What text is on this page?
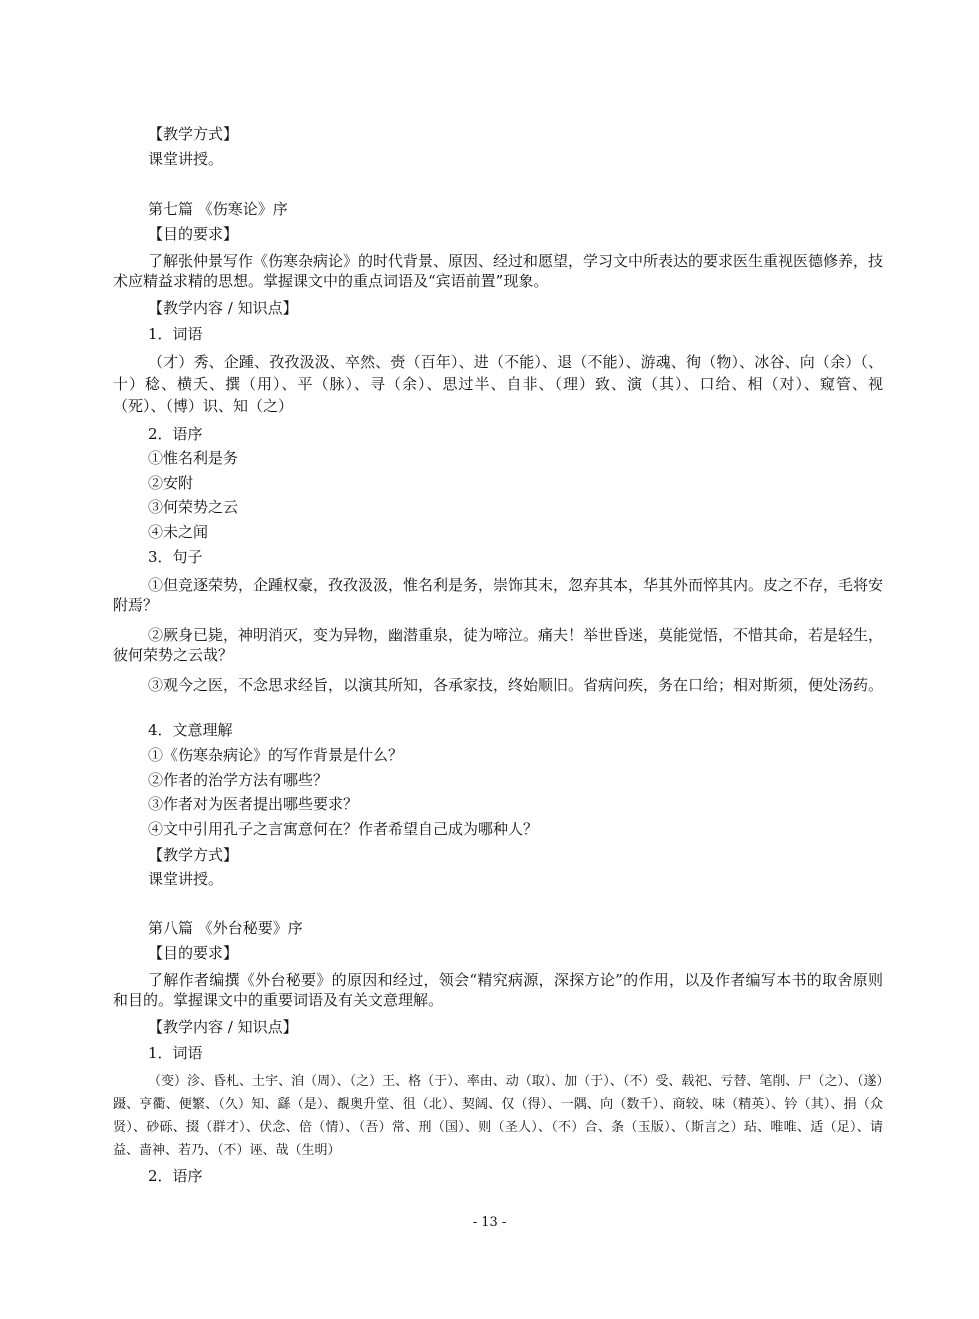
【教学方式】
课堂讲授。
第七篇 《伤寒论》序
【目的要求】
了解张仲景写作《伤寒杂病论》的时代背景、原因、经过和愿望，学习文中所表达的要求医生重视医德修养，技术应精益求精的思想。掌握课文中的重点词语及“宾语前置”现象。
【教学内容 / 知识点】
1．词语
（才）秀、企踵、孜孜汲汲、卒然、赍（百年）、进（不能）、退（不能）、游魂、徇（物）、冰谷、向（余）（、十）稔、横夭、撰（用）、平（脉）、寻（余）、思过半、自非、（理）致、演（其）、口给、相（对）、窥管、视（死）、（博）识、知（之）
2．语序
①惟名利是务
②安附
③何荣势之云
④未之闻
3．句子
①但竞逐荣势，企踵权豪，孜孜汲汲，惟名利是务，崇饰其末，忽弃其本，华其外而悴其内。皮之不存，毛将安附焉？
②厥身已毙，神明消灭，变为异物，幽潜重泉，徒为啼泣。痛夫！举世昏迷，莫能觉悟，不惜其命，若是轻生，彼何荣势之云哉？
③观今之医，不念思求经旨，以演其所知，各承家技，终始顺旧。省病问疾，务在口给；相对斯须，便处汤药。
4．文意理解
①《伤寒杂病论》的写作背景是什么？
②作者的治学方法有哪些？
③作者对为医者提出哪些要求？
④文中引用孔子之言寓意何在？作者希望自己成为哪种人？
【教学方式】
课堂讲授。
第八篇 《外台秘要》序
【目的要求】
了解作者编撰《外台秘要》的原因和经过，领会“精究病源，深探方论”的作用，以及作者编写本书的取舍原则和目的。掌握课文中的重要词语及有关文意理解。
【教学内容 / 知识点】
1．词语
（变）沴、昏札、土宇、洎（周）、（之）王、格（于）、率由、动（取）、加（于）、（不）受、载祀、亏替、笔削、尸（之）、（遂）蹑、亨衢、便繁、（久）知、繇（是）、覩奥升堂、徂（北）、契阔、仅（得）、一隅、向（数千）、商较、味（精英）、钤（其）、捐（众贤）、砂砾、掇（群才）、伏念、倍（情）、（吾）常、刑（国）、则（圣人）、（不）合、条（玉版）、（斯言之）玷、唯唯、适（足）、请益、啬神、若乃、（不）诬、哉（生明）
2．语序
- 13 -
